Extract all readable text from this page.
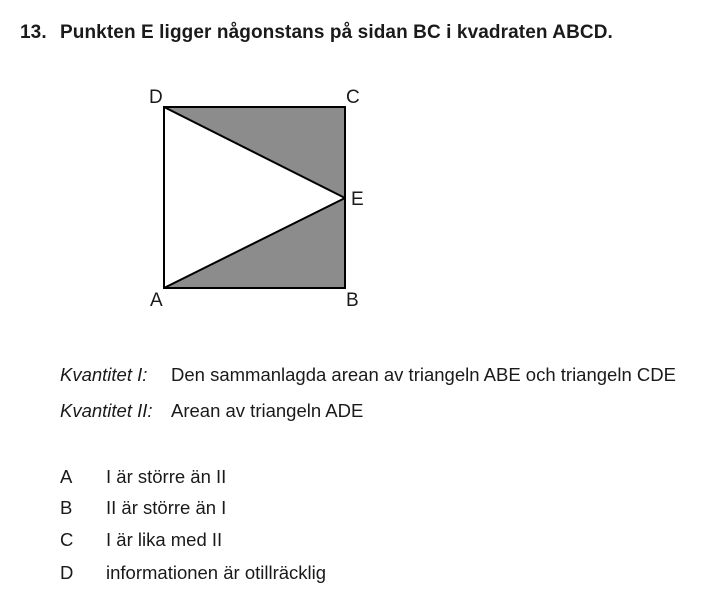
13. Punkten E ligger någonstans på sidan BC i kvadraten ABCD.
D	C
E
A	B
Kvantitet I: Den sammanlagda arean av triangeln ABE och triangeln CDE
Kvantitet II: Arean av triangeln ADE
A I är större än II
B II är större än I
C I är lika med II
D informationen är otillräcklig
